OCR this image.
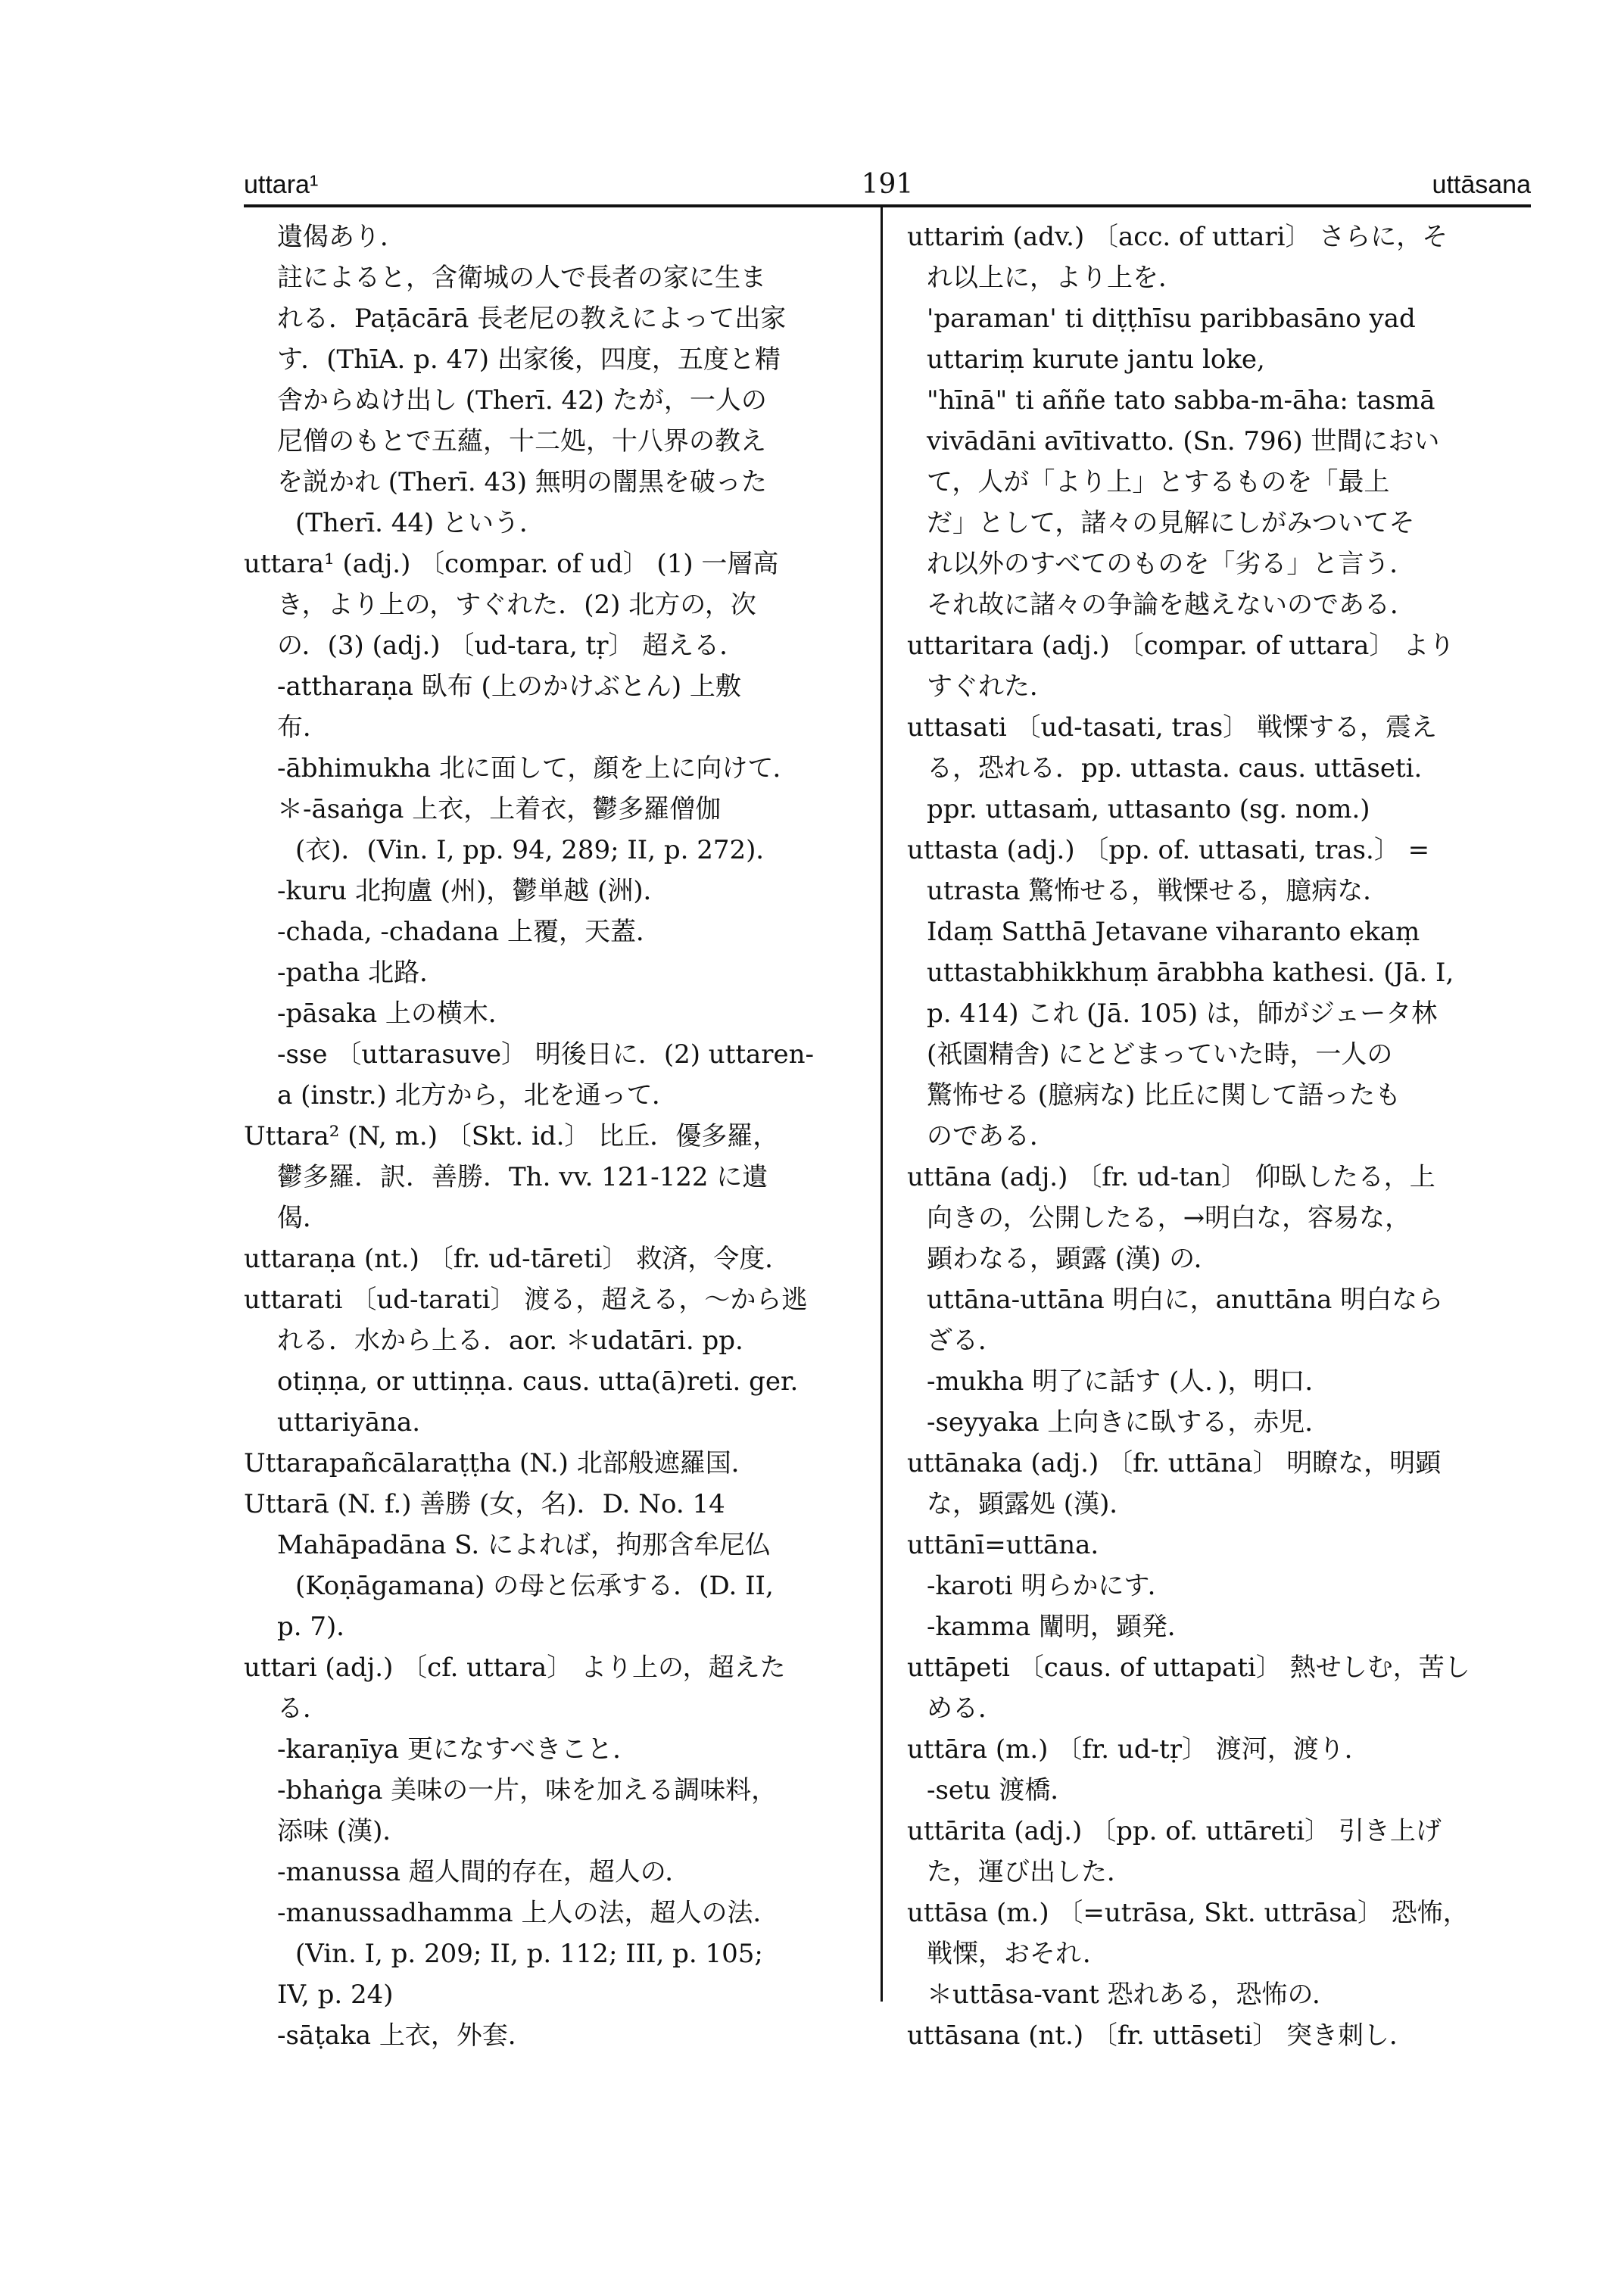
uttara¹	191	uttāsana
遺偈あり．
註によると，含衛城の人で長者の家に生ま
れる．Paṭācārā 長老尼の教えによって出家
す．(ThīA. p. 47) 出家後，四度，五度と精
舎からぬけ出し (Therī. 42) たが，一人の
尼僧のもとで五蘊，十二処，十八界の教え
を説かれ (Therī. 43) 無明の闇黒を破った
(Therī. 44) という．
uttara¹ (adj.) 〔compar. of ud〕 (1) 一層高
き，より上の，すぐれた．(2) 北方の，次
の．(3) (adj.) 〔ud-tara, tṛ〕 超える．
-attharaṇa 臥布 (上のかけぶとん) 上敷
布．
-ābhimukha 北に面して，顔を上に向けて．
＊-āsaṅga 上衣，上着衣，鬱多羅僧伽
(衣)．(Vin. I, pp. 94, 289; II, p. 272)．
-kuru 北拘盧 (州)，鬱単越 (洲)．
-chada, -chadana 上覆，天蓋．
-patha 北路．
-pāsaka 上の横木．
-sse 〔uttarasuve〕 明後日に．(2) uttaren-
a (instr.) 北方から，北を通って．
Uttara² (N, m.) 〔Skt. id.〕 比丘．優多羅，
鬱多羅．訳．善勝．Th. vv. 121-122 に遺
偈．
uttaraṇa (nt.) 〔fr. ud-tāreti〕 救済，令度．
uttarati 〔ud-tarati〕 渡る，超える，～から逃
れる．水から上る．aor. ＊udatāri. pp.
otiṇṇa, or uttiṇṇa. caus. utta(ā)reti. ger.
uttariyāna.
Uttarapañcālaraṭṭha (N.) 北部般遮羅国．
Uttarā (N. f.) 善勝 (女，名)．D. No. 14
Mahāpadāna S. によれば，拘那含牟尼仏
(Koṇāgamana) の母と伝承する．(D. II,
p. 7)．
uttari (adj.) 〔cf. uttara〕 より上の，超えた
る．
-karaṇīya 更になすべきこと．
-bhaṅga 美味の一片，味を加える調味料，
添味 (漢)．
-manussa 超人間的存在，超人の．
-manussadhamma 上人の法，超人の法．
(Vin. I, p. 209; II, p. 112; III, p. 105;
IV, p. 24)
-sāṭaka 上衣，外套．
uttariṁ (adv.) 〔acc. of uttari〕 さらに，そ
れ以上に，より上を．
'paraman' ti diṭṭhīsu paribbasāno yad
uttariṃ kurute jantu loke,
"hīnā" ti aññe tato sabba-m-āha: tasmā
vivādāni avītivatto. (Sn. 796) 世間におい
て，人が「より上」とするものを「最上
だ」として，諸々の見解にしがみついてそ
れ以外のすべてのものを「劣る」と言う．
それ故に諸々の争論を越えないのである．
uttaritara (adj.) 〔compar. of uttara〕 より
すぐれた．
uttasati 〔ud-tasati, tras〕 戦慄する，震え
る，恐れる．pp. uttasta. caus. uttāseti.
ppr. uttasaṁ, uttasanto (sg. nom.)
uttasta (adj.) 〔pp. of. uttasati, tras.〕 =
utrasta 驚怖せる，戦慄せる，臆病な．
Idaṃ Satthā Jetavane viharanto ekaṃ
uttastabhikkhuṃ ārabbha kathesi. (Jā. I,
p. 414) これ (Jā. 105) は，師がジェータ林
(祇園精舎) にとどまっていた時，一人の
驚怖せる (臆病な) 比丘に関して語ったも
のである．
uttāna (adj.) 〔fr. ud-tan〕 仰臥したる，上
向きの，公開したる，→明白な，容易な，
顕わなる，顕露 (漢) の．
uttāna-uttāna 明白に，anuttāna 明白なら
ざる．
-mukha 明了に話す (人．)，明口．
-seyyaka 上向きに臥する，赤児．
uttānaka (adj.) 〔fr. uttāna〕 明瞭な，明顕
な，顕露処 (漢)．
uttānī=uttāna.
-karoti 明らかにす．
-kamma 闡明，顕発．
uttāpeti 〔caus. of uttapati〕 熱せしむ，苦し
める．
uttāra (m.) 〔fr. ud-tṛ〕 渡河，渡り．
-setu 渡橋．
uttārita (adj.) 〔pp. of. uttāreti〕 引き上げ
た，運び出した．
uttāsa (m.) 〔=utrāsa, Skt. uttrāsa〕 恐怖，
戦慄，おそれ．
＊uttāsa-vant 恐れある，恐怖の．
uttāsana (nt.) 〔fr. uttāseti〕 突き刺し．
